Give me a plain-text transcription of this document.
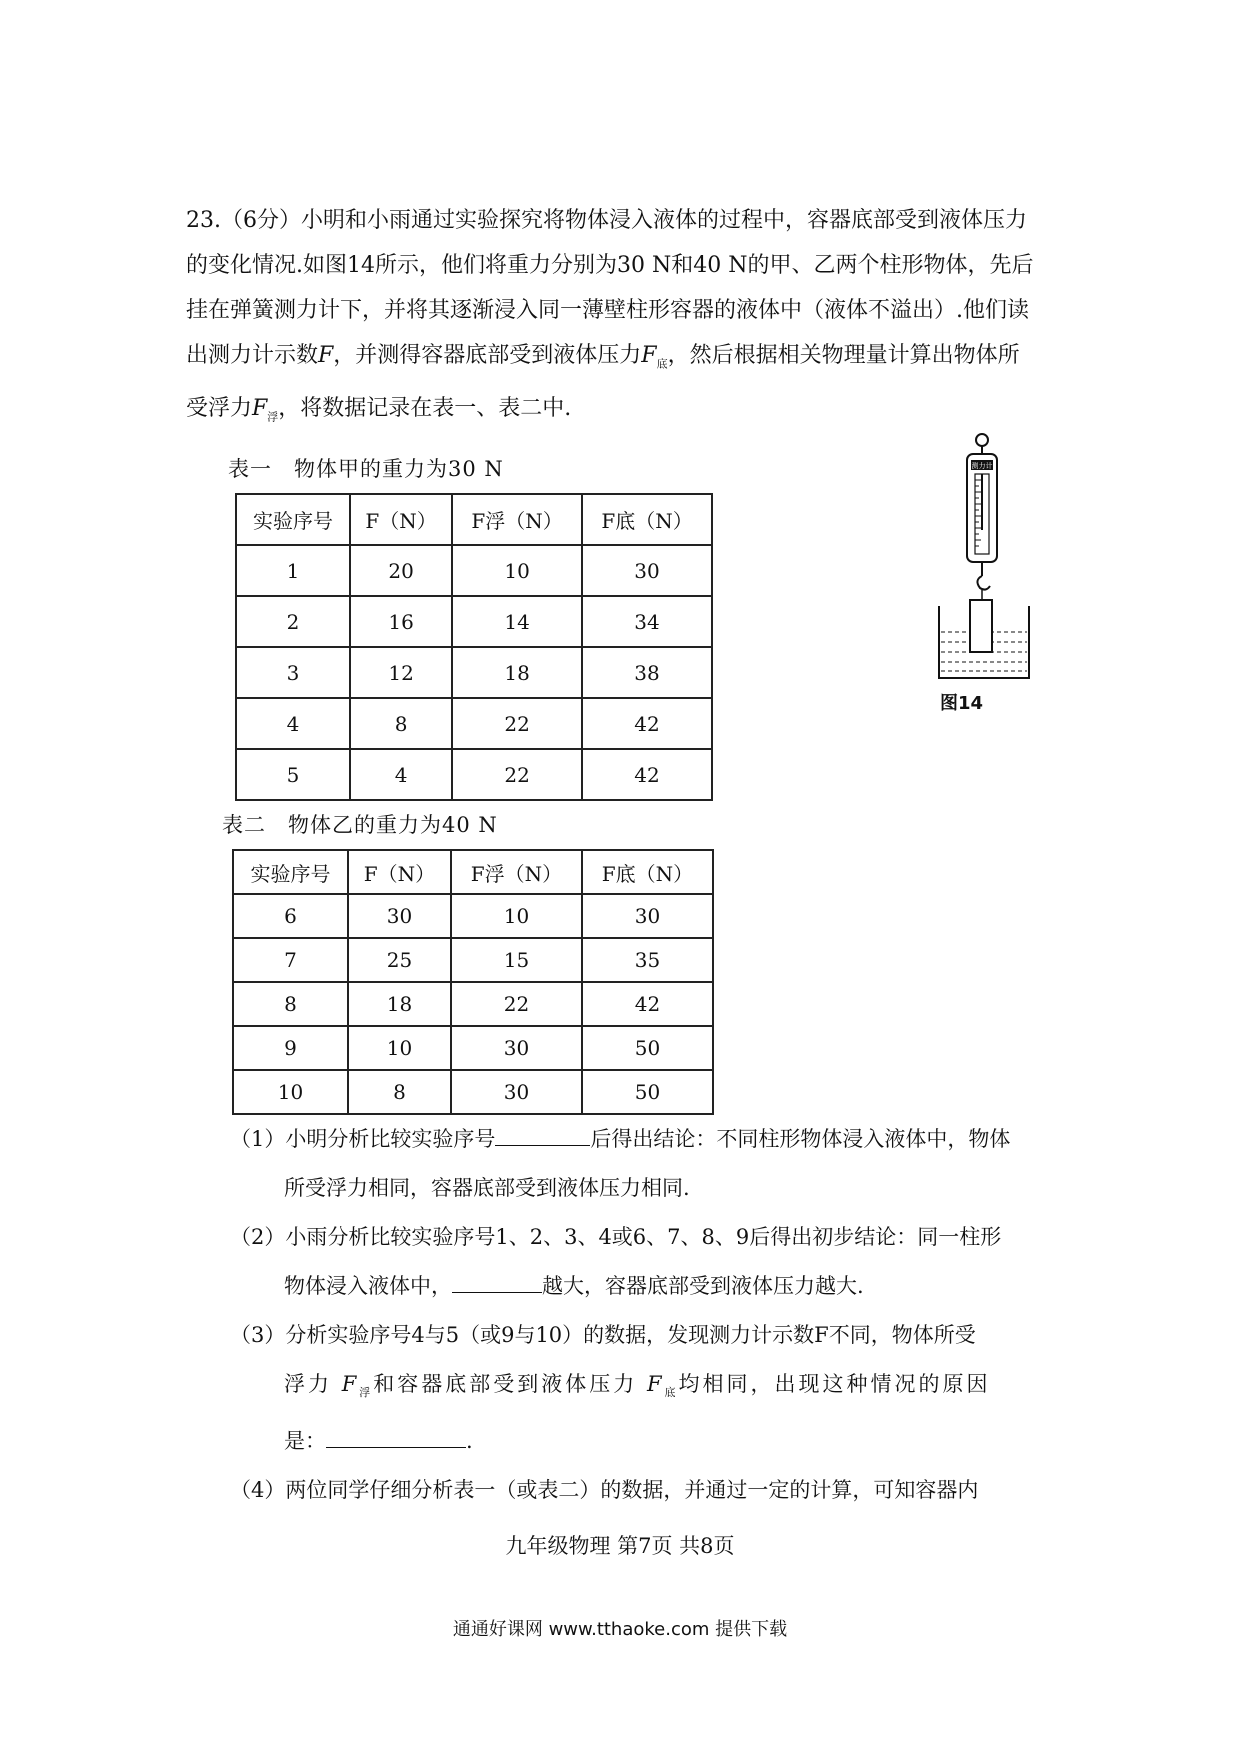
23.（6分）小明和小雨通过实验探究将物体浸入液体的过程中，容器底部受到液体压力
的变化情况.如图14所示，他们将重力分别为30 N和40 N的甲、乙两个柱形物体，先后
挂在弹簧测力计下，并将其逐渐浸入同一薄壁柱形容器的液体中（液体不溢出）.他们读
出测力计示数F，并测得容器底部受到液体压力$F_底$，然后根据相关物理量计算出物体所
受浮力$F_浮$，将数据记录在表一、表二中.
表一　物体甲的重力为30 N
实验序号	F（N）	F浮（N）	F底（N）
1	20	10	30
2	16	14	34
3	12	18	38
4	8	22	42
5	4	22	42
表二　物体乙的重力为40 N
实验序号	F（N）	F浮（N）	F底（N）
6	30	10	30
7	25	15	35
8	18	22	42
9	10	30	50
10	8	30	50
测力计
图14

（1）小明分析比较实验序号	后得出结论：不同柱形物体浸入液体中，物体

所受浮力相同，容器底部受到液体压力相同.

（2）小雨分析比较实验序号1、2、3、4或6、7、8、9后得出初步结论：同一柱形

物体浸入液体中，	越大，容器底部受到液体压力越大.

（3）分析实验序号4与5（或9与10）的数据，发现测力计示数F不同，物体所受

浮力 $F_浮$和容器底部受到液体压力 $F_底$均相同，出现这种情况的原因

是：	.

（4）两位同学仔细分析表一（或表二）的数据，并通过一定的计算，可知容器内

九年级物理 第7页 共8页
通通好课网 www.tthaoke.com 提供下载
